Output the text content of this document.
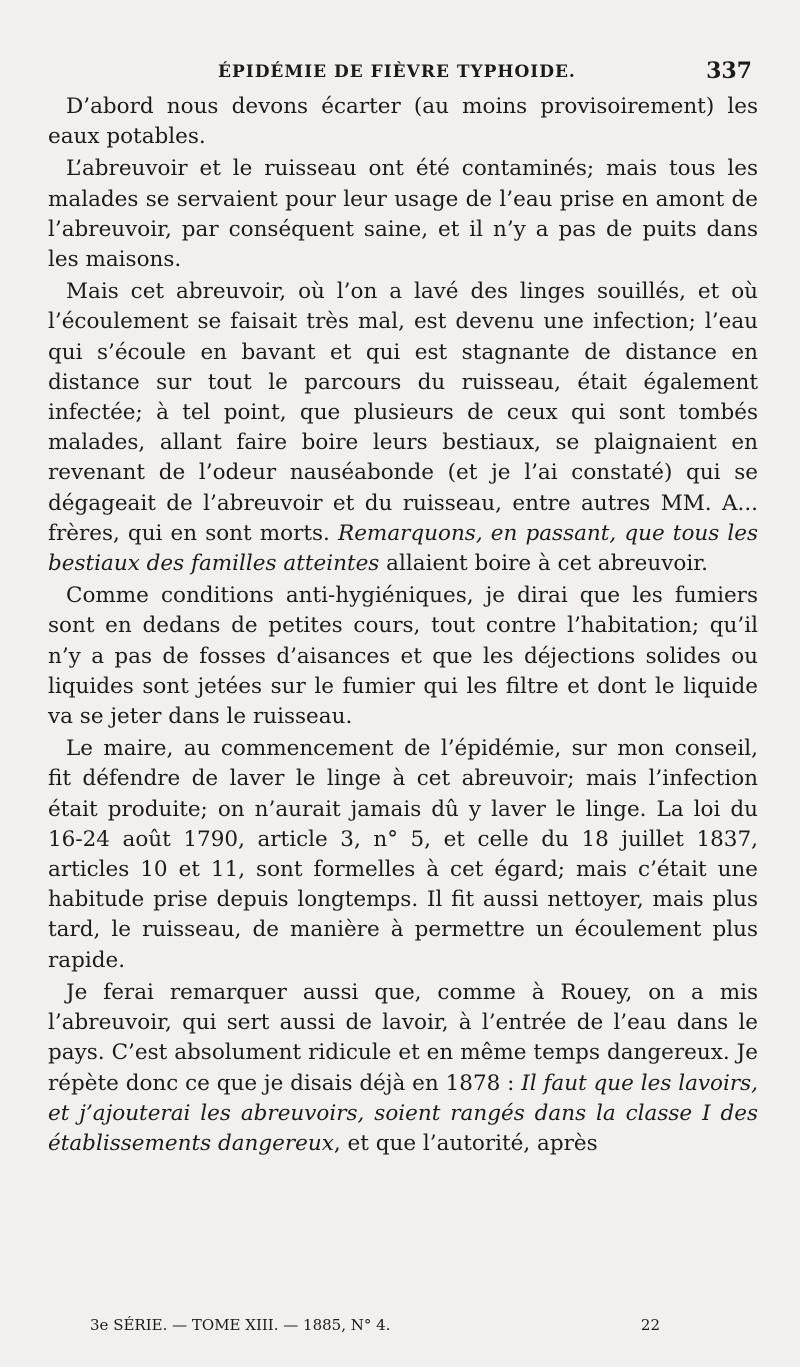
ÉPIDÉMIE DE FIÈVRE TYPHOIDE.	337

D’abord nous devons écarter (au moins provisoirement) les eaux potables.

L’abreuvoir et le ruisseau ont été contaminés; mais tous les malades se servaient pour leur usage de l’eau prise en amont de l’abreuvoir, par conséquent saine, et il n’y a pas de puits dans les maisons.

Mais cet abreuvoir, où l’on a lavé des linges souillés, et où l’écoulement se faisait très mal, est devenu une infection; l’eau qui s’écoule en bavant et qui est stagnante de distance en distance sur tout le parcours du ruisseau, était également infectée; à tel point, que plusieurs de ceux qui sont tombés malades, allant faire boire leurs bestiaux, se plaignaient en revenant de l’odeur nauséabonde (et je l’ai constaté) qui se dégageait de l’abreuvoir et du ruisseau, entre autres MM. A... frères, qui en sont morts. Remarquons, en passant, que tous les bestiaux des familles atteintes allaient boire à cet abreuvoir.

Comme conditions anti-hygiéniques, je dirai que les fumiers sont en dedans de petites cours, tout contre l’habitation; qu’il n’y a pas de fosses d’aisances et que les déjections solides ou liquides sont jetées sur le fumier qui les filtre et dont le liquide va se jeter dans le ruisseau.

Le maire, au commencement de l’épidémie, sur mon conseil, fit défendre de laver le linge à cet abreuvoir; mais l’infection était produite; on n’aurait jamais dû y laver le linge. La loi du 16-24 août 1790, article 3, n° 5, et celle du 18 juillet 1837, articles 10 et 11, sont formelles à cet égard; mais c’était une habitude prise depuis longtemps. Il fit aussi nettoyer, mais plus tard, le ruisseau, de manière à permettre un écoulement plus rapide.

Je ferai remarquer aussi que, comme à Rouey, on a mis l’abreuvoir, qui sert aussi de lavoir, à l’entrée de l’eau dans le pays. C’est absolument ridicule et en même temps dangereux. Je répète donc ce que je disais déjà en 1878 : Il faut que les lavoirs, et j’ajouterai les abreuvoirs, soient rangés dans la classe I des établissements dangereux, et que l’autorité, après

3e SÉRIE. — TOME XIII. — 1885, N° 4.	22
